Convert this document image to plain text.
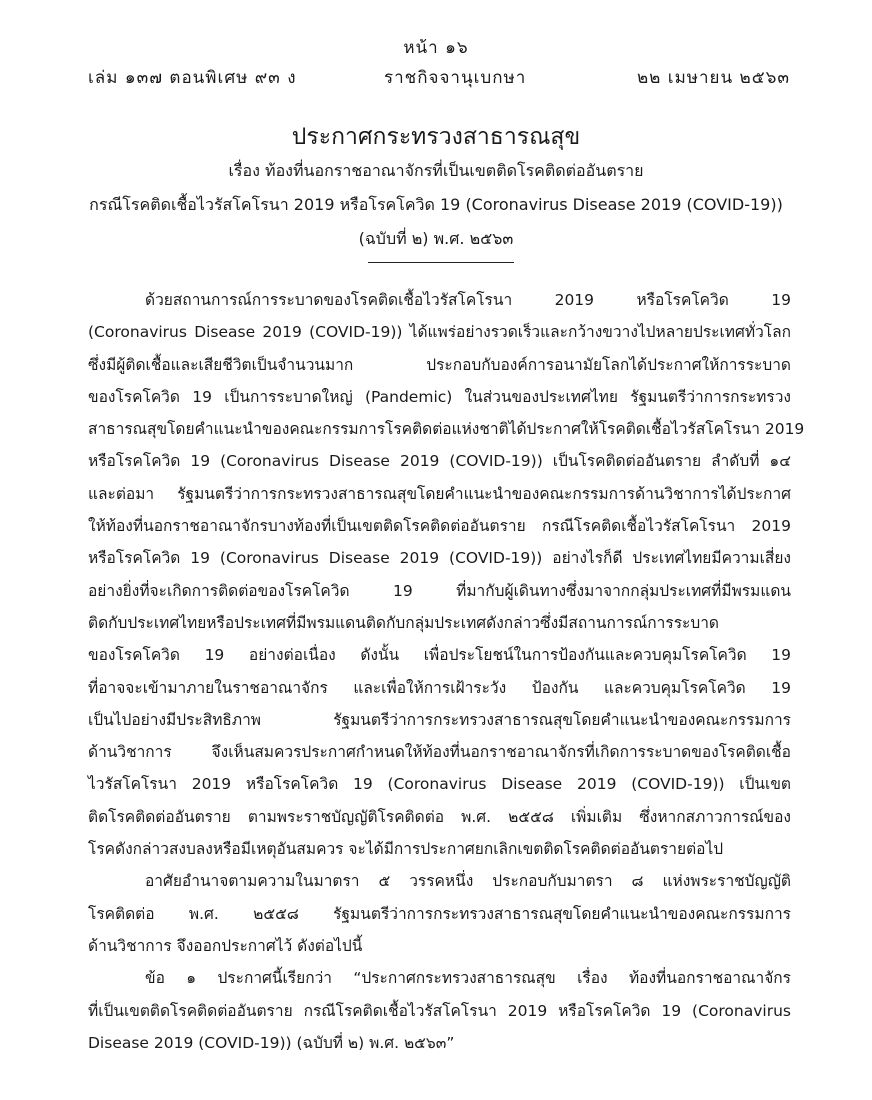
หน้า ๑๖
เล่ม ๑๓๗ ตอนพิเศษ ๙๓ ง	ราชกิจจานุเบกษา	๒๒ เมษายน ๒๕๖๓
ประกาศกระทรวงสาธารณสุข
เรื่อง ท้องที่นอกราชอาณาจักรที่เป็นเขตติดโรคติดต่ออันตราย
กรณีโรคติดเชื้อไวรัสโคโรนา 2019 หรือโรคโควิด 19 (Coronavirus Disease 2019 (COVID-19))
(ฉบับที่ ๒) พ.ศ. ๒๕๖๓
ด้วยสถานการณ์การระบาดของโรคติดเชื้อไวรัสโคโรนา 2019 หรือโรคโควิด 19
(Coronavirus Disease 2019 (COVID-19)) ได้แพร่อย่างรวดเร็วและกว้างขวางไปหลายประเทศทั่วโลก
ซึ่งมีผู้ติดเชื้อและเสียชีวิตเป็นจำนวนมาก ประกอบกับองค์การอนามัยโลกได้ประกาศให้การระบาด
ของโรคโควิด 19 เป็นการระบาดใหญ่ (Pandemic) ในส่วนของประเทศไทย รัฐมนตรีว่าการกระทรวง
สาธารณสุขโดยคำแนะนำของคณะกรรมการโรคติดต่อแห่งชาติได้ประกาศให้โรคติดเชื้อไวรัสโคโรนา 2019
หรือโรคโควิด 19 (Coronavirus Disease 2019 (COVID-19)) เป็นโรคติดต่ออันตราย ลำดับที่ ๑๔
และต่อมา รัฐมนตรีว่าการกระทรวงสาธารณสุขโดยคำแนะนำของคณะกรรมการด้านวิชาการได้ประกาศ
ให้ท้องที่นอกราชอาณาจักรบางท้องที่เป็นเขตติดโรคติดต่ออันตราย กรณีโรคติดเชื้อไวรัสโคโรนา 2019
หรือโรคโควิด 19 (Coronavirus Disease 2019 (COVID-19)) อย่างไรก็ดี ประเทศไทยมีความเสี่ยง
อย่างยิ่งที่จะเกิดการติดต่อของโรคโควิด 19 ที่มากับผู้เดินทางซึ่งมาจากกลุ่มประเทศที่มีพรมแดน
ติดกับประเทศไทยหรือประเทศที่มีพรมแดนติดกับกลุ่มประเทศดังกล่าวซึ่งมีสถานการณ์การระบาด
ของโรคโควิด 19 อย่างต่อเนื่อง ดังนั้น เพื่อประโยชน์ในการป้องกันและควบคุมโรคโควิด 19
ที่อาจจะเข้ามาภายในราชอาณาจักร และเพื่อให้การเฝ้าระวัง ป้องกัน และควบคุมโรคโควิด 19
เป็นไปอย่างมีประสิทธิภาพ รัฐมนตรีว่าการกระทรวงสาธารณสุขโดยคำแนะนำของคณะกรรมการ
ด้านวิชาการ จึงเห็นสมควรประกาศกำหนดให้ท้องที่นอกราชอาณาจักรที่เกิดการระบาดของโรคติดเชื้อ
ไวรัสโคโรนา 2019 หรือโรคโควิด 19 (Coronavirus Disease 2019 (COVID-19)) เป็นเขต
ติดโรคติดต่ออันตราย ตามพระราชบัญญัติโรคติดต่อ พ.ศ. ๒๕๕๘ เพิ่มเติม ซึ่งหากสภาวการณ์ของ
โรคดังกล่าวสงบลงหรือมีเหตุอันสมควร จะได้มีการประกาศยกเลิกเขตติดโรคติดต่ออันตรายต่อไป
อาศัยอำนาจตามความในมาตรา ๕ วรรคหนึ่ง ประกอบกับมาตรา ๘ แห่งพระราชบัญญัติ
โรคติดต่อ พ.ศ. ๒๕๕๘ รัฐมนตรีว่าการกระทรวงสาธารณสุขโดยคำแนะนำของคณะกรรมการ
ด้านวิชาการ จึงออกประกาศไว้ ดังต่อไปนี้
ข้อ ๑ ประกาศนี้เรียกว่า “ประกาศกระทรวงสาธารณสุข เรื่อง ท้องที่นอกราชอาณาจักร
ที่เป็นเขตติดโรคติดต่ออันตราย กรณีโรคติดเชื้อไวรัสโคโรนา 2019 หรือโรคโควิด 19 (Coronavirus
Disease 2019 (COVID-19)) (ฉบับที่ ๒) พ.ศ. ๒๕๖๓”
